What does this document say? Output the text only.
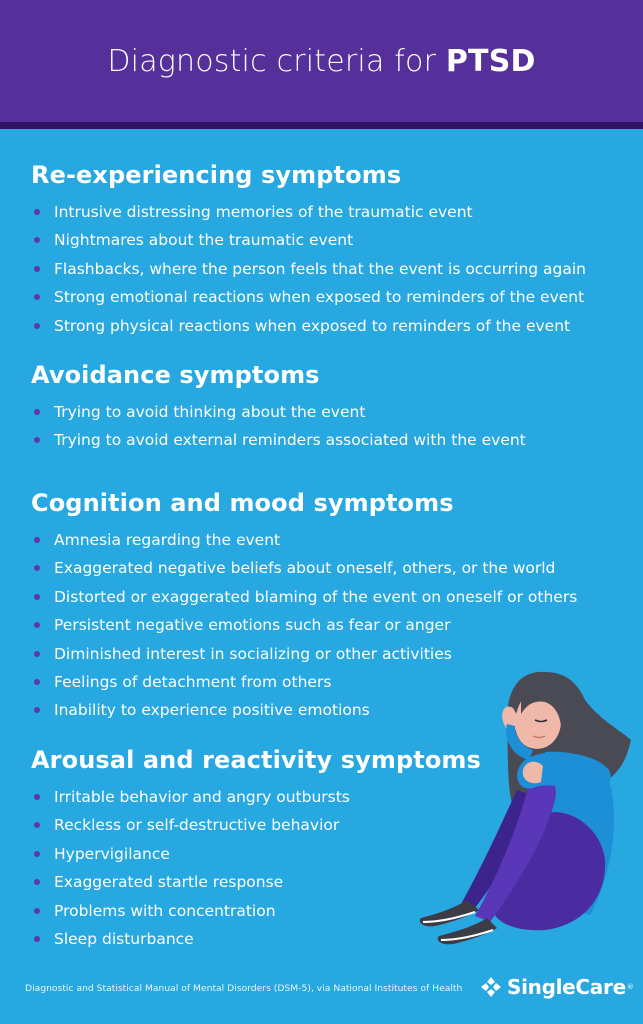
Diagnostic criteria for PTSD
Re-experiencing symptoms
Intrusive distressing memories of the traumatic event
Nightmares about the traumatic event
Flashbacks, where the person feels that the event is occurring again
Strong emotional reactions when exposed to reminders of the event
Strong physical reactions when exposed to reminders of the event
Avoidance symptoms
Trying to avoid thinking about the event
Trying to avoid external reminders associated with the event
Cognition and mood symptoms
Amnesia regarding the event
Exaggerated negative beliefs about oneself, others, or the world
Distorted or exaggerated blaming of the event on oneself or others
Persistent negative emotions such as fear or anger
Diminished interest in socializing or other activities
Feelings of detachment from others
Inability to experience positive emotions
Arousal and reactivity symptoms
Irritable behavior and angry outbursts
Reckless or self-destructive behavior
Hypervigilance
Exaggerated startle response
Problems with concentration
Sleep disturbance
Diagnostic and Statistical Manual of Mental Disorders (DSM-5), via National Institutes of Health SingleCare ®
